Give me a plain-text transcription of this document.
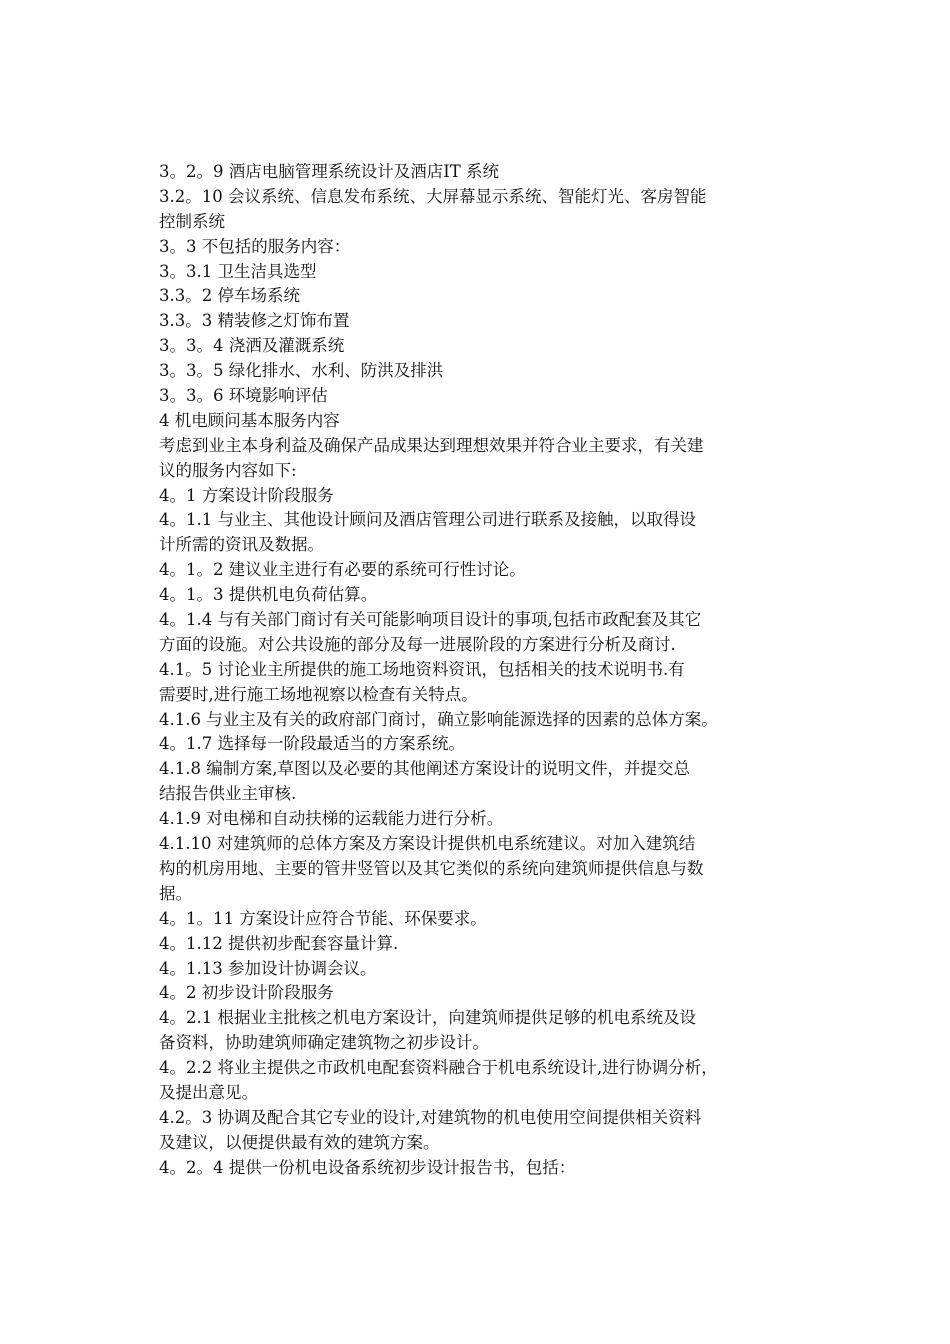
3。2。9 酒店电脑管理系统设计及酒店IT 系统
3.2。10 会议系统、信息发布系统、大屏幕显示系统、智能灯光、客房智能
控制系统
3。3 不包括的服务内容：
3。3.1 卫生洁具选型
3.3。2 停车场系统
3.3。3 精装修之灯饰布置
3。3。4 浇洒及灌溉系统
3。3。5 绿化排水、水利、防洪及排洪
3。3。6 环境影响评估
4 机电顾问基本服务内容
考虑到业主本身利益及确保产品成果达到理想效果并符合业主要求，有关建
议的服务内容如下:
4。1 方案设计阶段服务
4。1.1 与业主、其他设计顾问及酒店管理公司进行联系及接触，以取得设
计所需的资讯及数据。
4。1。2 建议业主进行有必要的系统可行性讨论。
4。1。3 提供机电负荷估算。
4。1.4 与有关部门商讨有关可能影响项目设计的事项,包括市政配套及其它
方面的设施。对公共设施的部分及每一进展阶段的方案进行分析及商讨.
4.1。5 讨论业主所提供的施工场地资料资讯，包括相关的技术说明书.有
需要时,进行施工场地视察以检查有关特点。
4.1.6 与业主及有关的政府部门商讨，确立影响能源选择的因素的总体方案。
4。1.7 选择每一阶段最适当的方案系统。
4.1.8 编制方案,草图以及必要的其他阐述方案设计的说明文件，并提交总
结报告供业主审核.
4.1.9 对电梯和自动扶梯的运载能力进行分析。
4.1.10 对建筑师的总体方案及方案设计提供机电系统建议。对加入建筑结
构的机房用地、主要的管井竖管以及其它类似的系统向建筑师提供信息与数
据。
4。1。11 方案设计应符合节能、环保要求。
4。1.12 提供初步配套容量计算.
4。1.13 参加设计协调会议。
4。2 初步设计阶段服务
4。2.1 根据业主批核之机电方案设计，向建筑师提供足够的机电系统及设
备资料，协助建筑师确定建筑物之初步设计。
4。2.2 将业主提供之市政机电配套资料融合于机电系统设计,进行协调分析，
及提出意见。
4.2。3 协调及配合其它专业的设计,对建筑物的机电使用空间提供相关资料
及建议，以便提供最有效的建筑方案。
4。2。4 提供一份机电设备系统初步设计报告书，包括：
